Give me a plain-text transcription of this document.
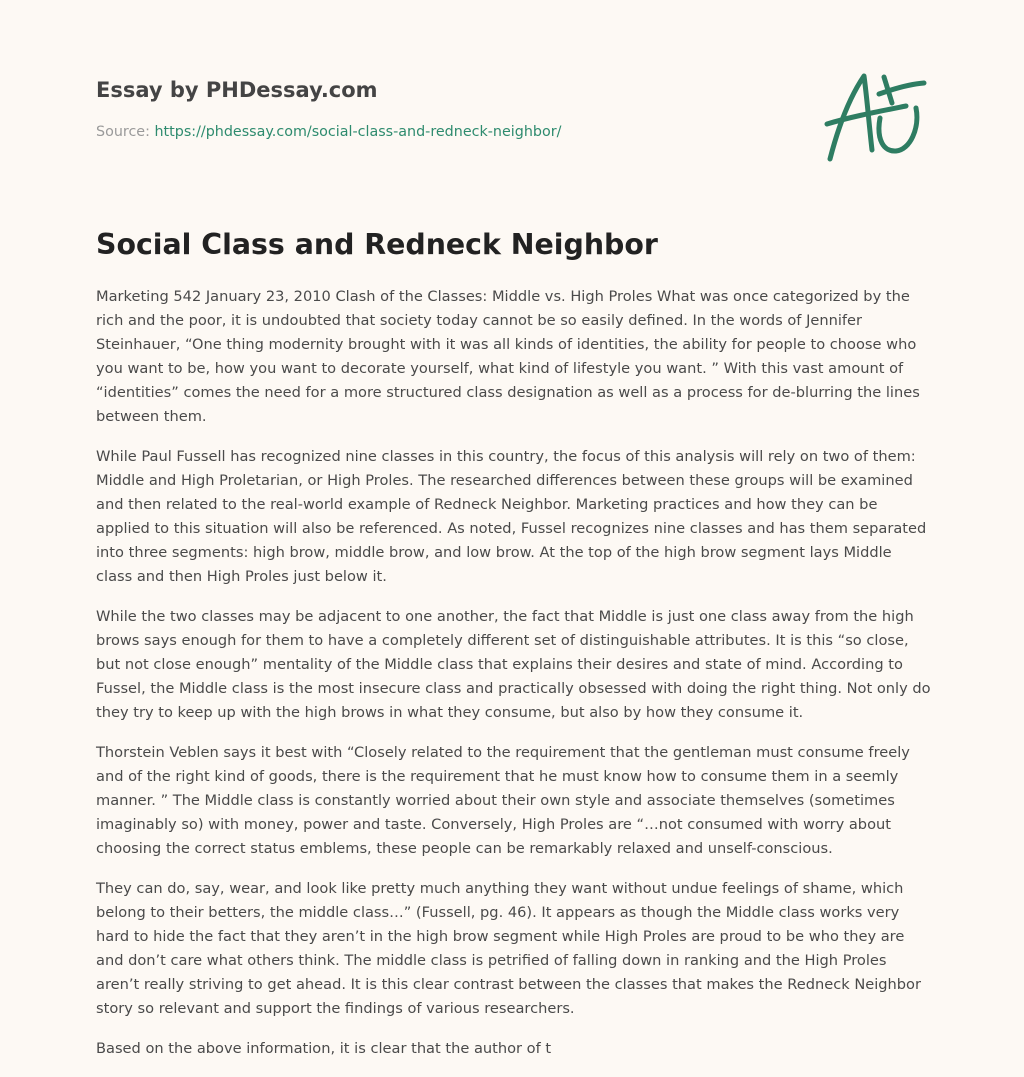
Essay by PHDessay.com

Source: https://phdessay.com/social-class-and-redneck-neighbor/
Social Class and Redneck Neighbor

Marketing 542 January 23, 2010 Clash of the Classes: Middle vs. High Proles What was once categorized by the rich and the poor, it is undoubted that society today cannot be so easily defined. In the words of Jennifer Steinhauer, “One thing modernity brought with it was all kinds of identities, the ability for people to choose who you want to be, how you want to decorate yourself, what kind of lifestyle you want. ” With this vast amount of “identities” comes the need for a more structured class designation as well as a process for de-blurring the lines between them.

While Paul Fussell has recognized nine classes in this country, the focus of this analysis will rely on two of them: Middle and High Proletarian, or High Proles. The researched differences between these groups will be examined and then related to the real-world example of Redneck Neighbor. Marketing practices and how they can be applied to this situation will also be referenced. As noted, Fussel recognizes nine classes and has them separated into three segments: high brow, middle brow, and low brow. At the top of the high brow segment lays Middle class and then High Proles just below it.

While the two classes may be adjacent to one another, the fact that Middle is just one class away from the high brows says enough for them to have a completely different set of distinguishable attributes. It is this “so close, but not close enough” mentality of the Middle class that explains their desires and state of mind. According to Fussel, the Middle class is the most insecure class and practically obsessed with doing the right thing. Not only do they try to keep up with the high brows in what they consume, but also by how they consume it.

Thorstein Veblen says it best with “Closely related to the requirement that the gentleman must consume freely and of the right kind of goods, there is the requirement that he must know how to consume them in a seemly manner. ” The Middle class is constantly worried about their own style and associate themselves (sometimes imaginably so) with money, power and taste. Conversely, High Proles are “…not consumed with worry about choosing the correct status emblems, these people can be remarkably relaxed and unself-conscious.

They can do, say, wear, and look like pretty much anything they want without undue feelings of shame, which belong to their betters, the middle class…” (Fussell, pg. 46). It appears as though the Middle class works very hard to hide the fact that they aren’t in the high brow segment while High Proles are proud to be who they are and don’t care what others think. The middle class is petrified of falling down in ranking and the High Proles aren’t really striving to get ahead. It is this clear contrast between the classes that makes the Redneck Neighbor story so relevant and support the findings of various researchers.

Based on the above information, it is clear that the author of t
